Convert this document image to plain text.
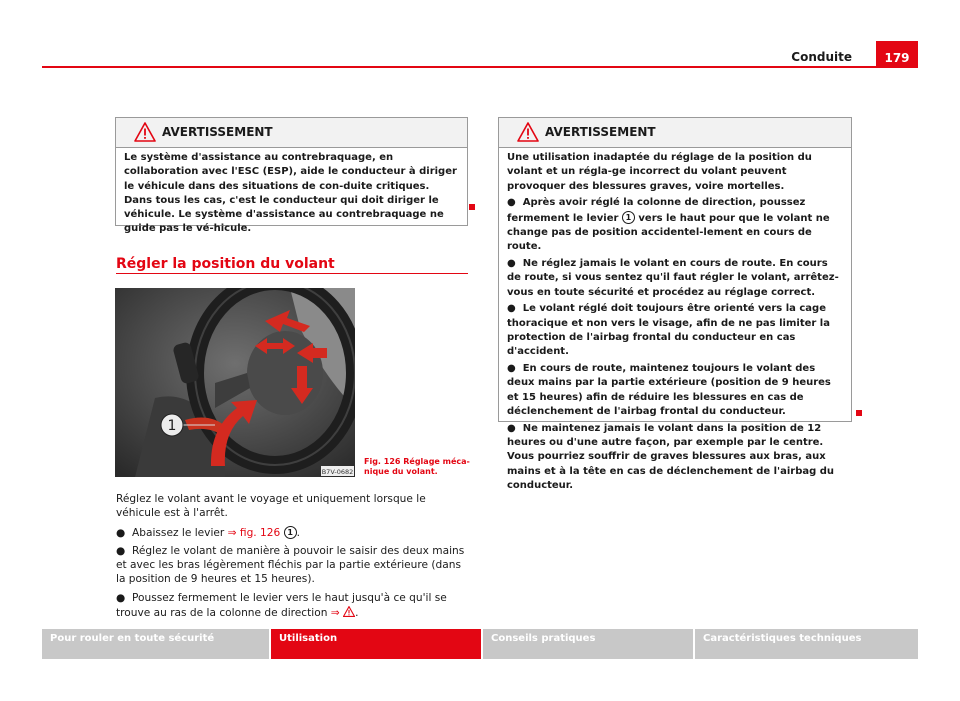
Conduite	179
AVERTISSEMENT

Le système d'assistance au contrebraquage, en collaboration avec l'ESC (ESP), aide le conducteur à diriger le véhicule dans des situations de con-duite critiques. Dans tous les cas, c'est le conducteur qui doit diriger le véhicule. Le système d'assistance au contrebraquage ne guide pas le vé-hicule.

Régler la position du volant
1
B7V-0682
Fig. 126 Réglage méca-
nique du volant.

Réglez le volant avant le voyage et uniquement lorsque le véhicule est à l'arrêt.

● Abaissez le levier ⇒ fig. 126 1 .

● Réglez le volant de manière à pouvoir le saisir des deux mains et avec les bras légèrement fléchis par la partie extérieure (dans la position de 9 heures et 15 heures).

● Poussez fermement le levier vers le haut jusqu'à ce qu'il se trouve au ras de la colonne de direction ⇒ .

AVERTISSEMENT

Une utilisation inadaptée du réglage de la position du volant et un régla-ge incorrect du volant peuvent provoquer des blessures graves, voire mortelles.

● Après avoir réglé la colonne de direction, poussez fermement le levier 1 vers le haut pour que le volant ne change pas de position accidentel-lement en cours de route.

● Ne réglez jamais le volant en cours de route. En cours de route, si vous sentez qu'il faut régler le volant, arrêtez-vous en toute sécurité et procédez au réglage correct.

● Le volant réglé doit toujours être orienté vers la cage thoracique et non vers le visage, afin de ne pas limiter la protection de l'airbag frontal du conducteur en cas d'accident.

● En cours de route, maintenez toujours le volant des deux mains par la partie extérieure (position de 9 heures et 15 heures) afin de réduire les blessures en cas de déclenchement de l'airbag frontal du conducteur.

● Ne maintenez jamais le volant dans la position de 12 heures ou d'une autre façon, par exemple par le centre. Vous pourriez souffrir de graves blessures aux bras, aux mains et à la tête en cas de déclenchement de l'airbag du conducteur.

Pour rouler en toute sécurité	Utilisation	Conseils pratiques	Caractéristiques techniques
